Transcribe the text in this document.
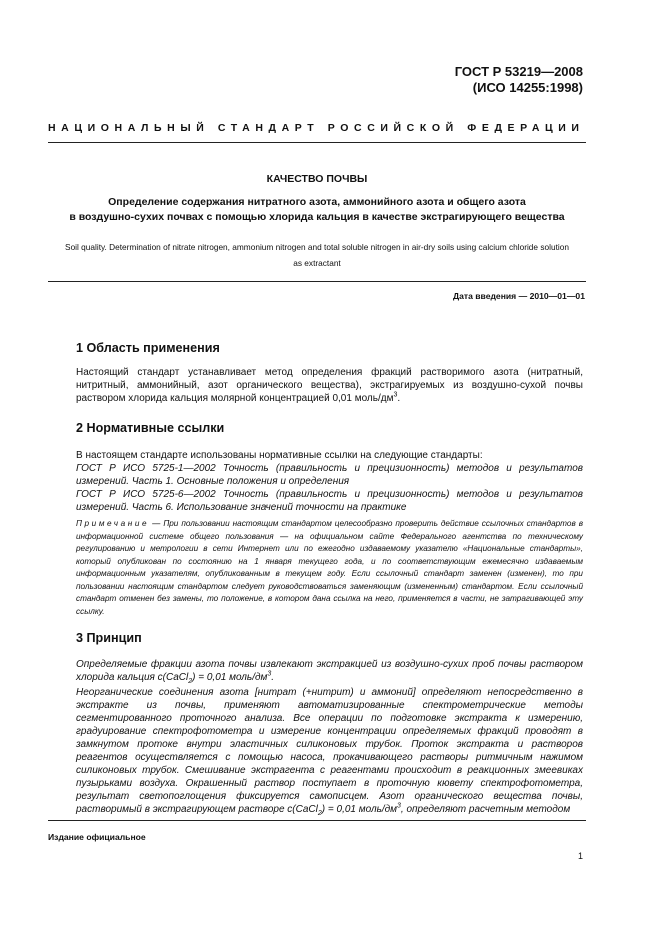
ГОСТ Р 53219—2008
(ИСО 14255:1998)
НАЦИОНАЛЬНЫЙ СТАНДАРТ РОССИЙСКОЙ ФЕДЕРАЦИИ
КАЧЕСТВО ПОЧВЫ
Определение содержания нитратного азота, аммонийного азота и общего азота
в воздушно-сухих почвах с помощью хлорида кальция в качестве экстрагирующего вещества
Soil quality. Determination of nitrate nitrogen, ammonium nitrogen and total soluble nitrogen in air-dry soils using calcium chloride solution as extractant
Дата введения — 2010—01—01
1 Область применения
Настоящий стандарт устанавливает метод определения фракций растворимого азота (нитратный, нитритный, аммонийный, азот органического вещества), экстрагируемых из воздушно-сухой почвы раствором хлорида кальция молярной концентрацией 0,01 моль/$дм^3$.
2 Нормативные ссылки
В настоящем стандарте использованы нормативные ссылки на следующие стандарты:
ГОСТ Р ИСО 5725-1—2002 Точность (правильность и прецизионность) методов и результатов измерений. Часть 1. Основные положения и определения
ГОСТ Р ИСО 5725-6—2002 Точность (правильность и прецизионность) методов и результатов измерений. Часть 6. Использование значений точности на практике
Примечание — При пользовании настоящим стандартом целесообразно проверить действие ссылочных стандартов в информационной системе общего пользования — на официальном сайте Федерального агентства по техническому регулированию и метрологии в сети Интернет или по ежегодно издаваемому указателю «Национальные стандарты», который опубликован по состоянию на 1 января текущего года, и по соответствующим ежемесячно издаваемым информационным указателям, опубликованным в текущем году. Если ссылочный стандарт заменен (изменен), то при пользовании настоящим стандартом следует руководствоваться заменяющим (измененным) стандартом. Если ссылочный стандарт отменен без замены, то положение, в котором дана ссылка на него, применяется в части, не затрагивающей эту ссылку.
3 Принцип
Определяемые фракции азота почвы извлекают экстракцией из воздушно-сухих проб почвы раствором хлорида кальция c(CaCl$_2$) = 0,01 моль/$дм^3$.
Неорганические соединения азота [нитрат (+нитрит) и аммоний] определяют непосредственно в экстракте из почвы, применяют автоматизированные спектрометрические методы сегментированного проточного анализа. Все операции по подготовке экстракта к измерению, градуирование спектрофотометра и измерение концентрации определяемых фракций проводят в замкнутом протоке внутри эластичных силиконовых трубок. Проток экстракта и растворов реагентов осуществляется с помощью насоса, прокачивающего растворы ритмичным нажимом силиконовых трубок. Смешивание экстрагента с реагентами происходит в реакционных змеевиках пузырьками воздуха. Окрашенный раствор поступает в проточную кювету спектрофотометра, результат светопоглощения фиксируется самописцем. Азот органического вещества почвы, растворимый в экстрагирующем растворе c(CaCl$_2$) = 0,01 моль/$дм^3$, определяют расчетным методом
Издание официальное
1
